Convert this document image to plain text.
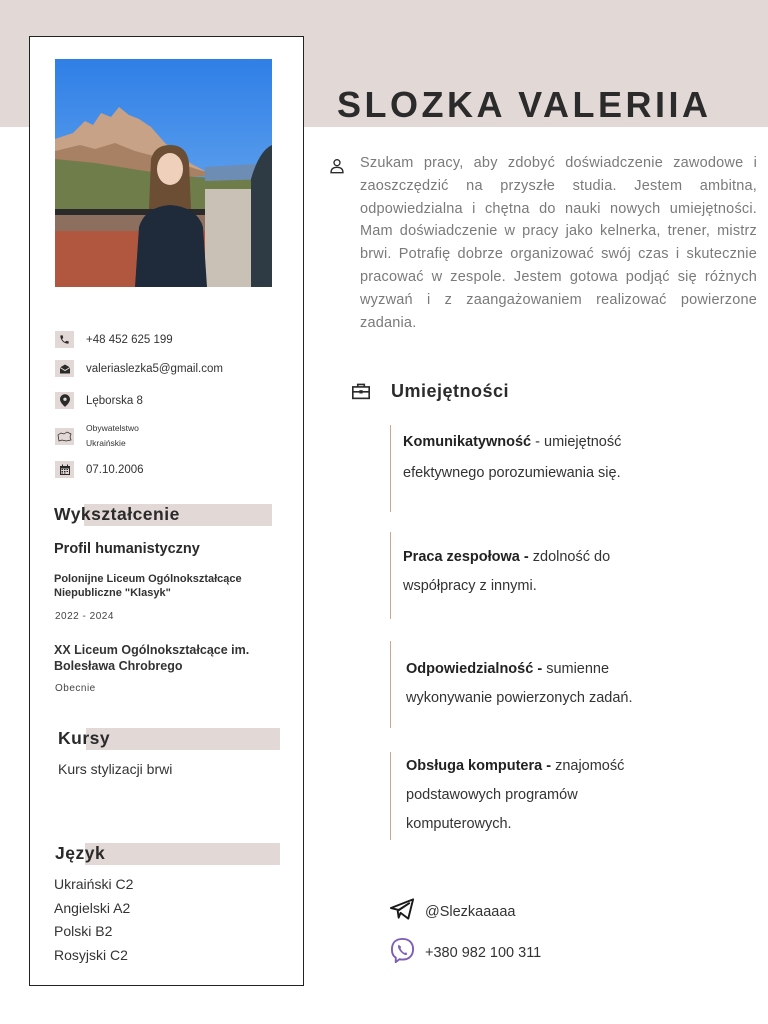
+48 452 625 199
valeriaslezka5@gmail.com
Lęborska 8
Obywatelstwo
Ukraińskie
07.10.2006
Wykształcenie
Profil humanistyczny
Polonijne Liceum Ogólnokształcące Niepubliczne "Klasyk"
2022 - 2024
XX Liceum Ogólnokształcące im. Bolesława Chrobrego
Obecnie
Kursy
Kurs stylizacji brwi
Język
Ukraiński C2
Angielski A2
Polski B2
Rosyjski C2
SLOZKA VALERIIA
Szukam pracy, aby zdobyć doświadczenie zawodowe i zaoszczędzić na przyszłe studia. Jestem ambitna, odpowiedzialna i chętna do nauki nowych umiejętności. Mam doświadczenie w pracy jako kelnerka, trener, mistrz brwi. Potrafię dobrze organizować swój czas i skutecznie pracować w zespole. Jestem gotowa podjąć się różnych wyzwań i z zaangażowaniem realizować powierzone zadania.
Umiejętności
Komunikatywność - umiejętność
efektywnego porozumiewania się.
Praca zespołowa - zdolność do
współpracy z innymi.
Odpowiedzialność - sumienne
wykonywanie powierzonych zadań.
Obsługa komputera - znajomość
podstawowych programów
komputerowych.
@Slezkaaaaa
+380 982 100 311
